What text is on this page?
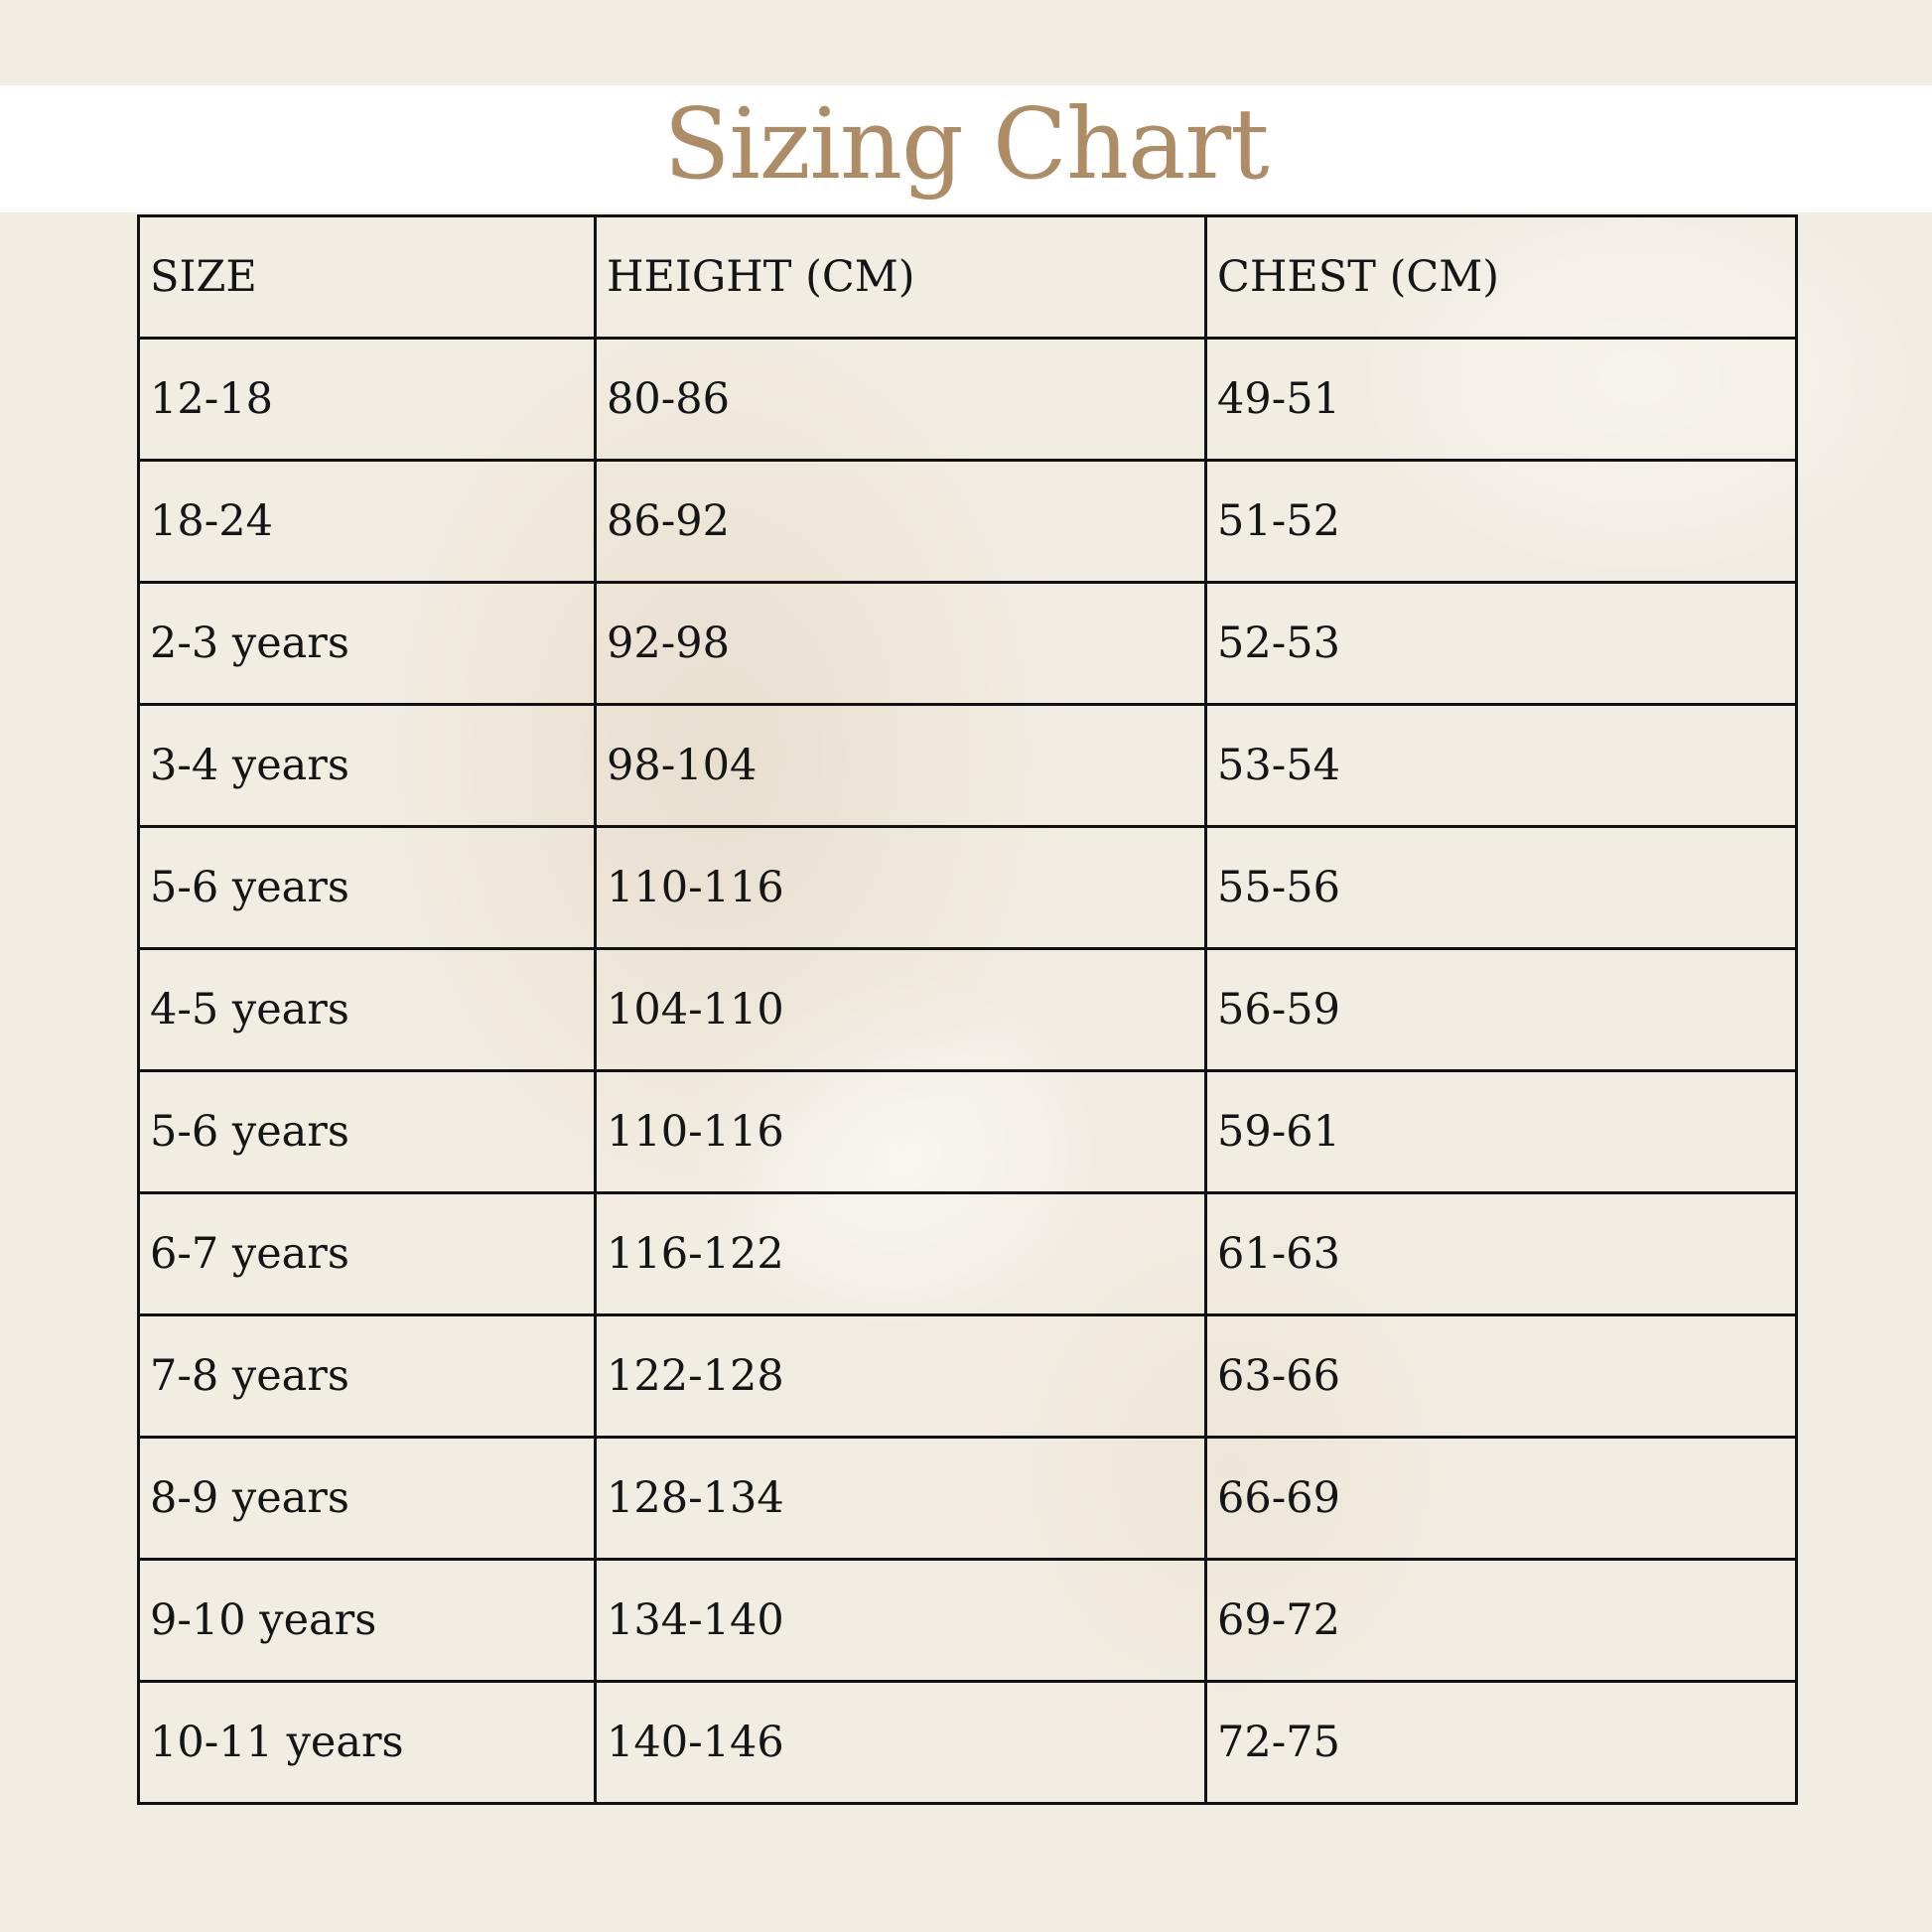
Sizing Chart
SIZE	HEIGHT (CM)	CHEST (CM)
12-18	80-86	49-51
18-24	86-92	51-52
2-3 years	92-98	52-53
3-4 years	98-104	53-54
5-6 years	110-116	55-56
4-5 years	104-110	56-59
5-6 years	110-116	59-61
6-7 years	116-122	61-63
7-8 years	122-128	63-66
8-9 years	128-134	66-69
9-10 years	134-140	69-72
10-11 years	140-146	72-75
